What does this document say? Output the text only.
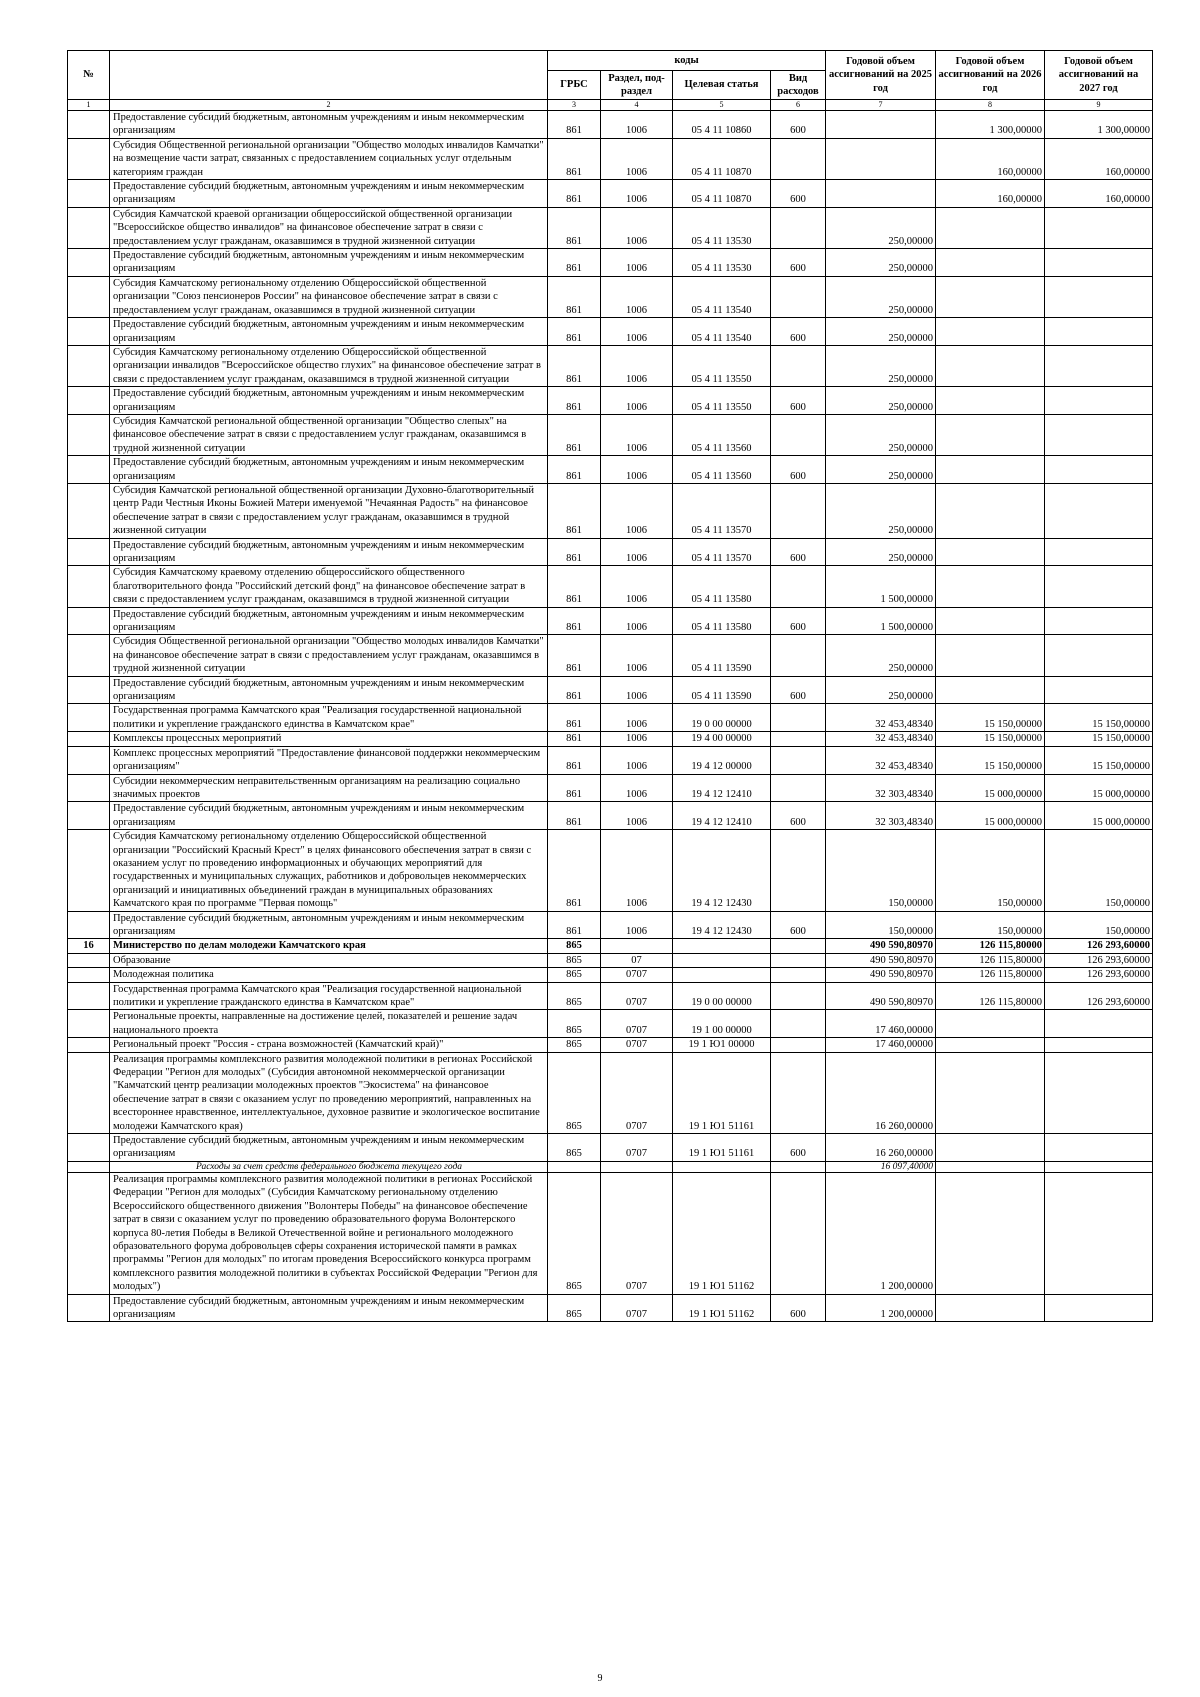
№		коды				Годовой объем ассигнований на 2025 год	Годовой объем ассигнований на 2026 год	Годовой объем ассигнований на 2027 год
		ГРБС	Раздел, под-раздел	Целевая статья	Вид расходов			
1	2	3	4	5	6	7	8	9
	Предоставление субсидий бюджетным, автономным учреждениям и иным некоммерческим организациям	861	1006	05 4 11 10860	600		1 300,00000	1 300,00000
	Субсидия Общественной региональной организации "Общество молодых инвалидов Камчатки" на возмещение части затрат, связанных с предоставлением социальных услуг отдельным категориям граждан	861	1006	05 4 11 10870			160,00000	160,00000
	Предоставление субсидий бюджетным, автономным учреждениям и иным некоммерческим организациям	861	1006	05 4 11 10870	600		160,00000	160,00000
	Субсидия Камчатской краевой организации общероссийской общественной организации "Всероссийское общество инвалидов" на финансовое обеспечение затрат в связи с предоставлением услуг гражданам, оказавшимся в трудной жизненной ситуации	861	1006	05 4 11 13530		250,00000		
	Предоставление субсидий бюджетным, автономным учреждениям и иным некоммерческим организациям	861	1006	05 4 11 13530	600	250,00000		
	Субсидия Камчатскому региональному отделению Общероссийской общественной организации "Союз пенсионеров России" на финансовое обеспечение затрат в связи с предоставлением услуг гражданам, оказавшимся в трудной жизненной ситуации	861	1006	05 4 11 13540		250,00000		
	Предоставление субсидий бюджетным, автономным учреждениям и иным некоммерческим организациям	861	1006	05 4 11 13540	600	250,00000		
	Субсидия Камчатскому региональному отделению Общероссийской общественной организации инвалидов "Всероссийское общество глухих" на финансовое обеспечение затрат в связи с предоставлением услуг гражданам, оказавшимся в трудной жизненной ситуации	861	1006	05 4 11 13550		250,00000		
	Предоставление субсидий бюджетным, автономным учреждениям и иным некоммерческим организациям	861	1006	05 4 11 13550	600	250,00000		
	Субсидия Камчатской региональной общественной организации "Общество слепых" на финансовое обеспечение затрат в связи с предоставлением услуг гражданам, оказавшимся в трудной жизненной ситуации	861	1006	05 4 11 13560		250,00000		
	Предоставление субсидий бюджетным, автономным учреждениям и иным некоммерческим организациям	861	1006	05 4 11 13560	600	250,00000		
	Субсидия Камчатской региональной общественной организации Духовно-благотворительный центр Ради Честныя Иконы Божией Матери именуемой "Нечаянная Радость" на финансовое обеспечение затрат в связи с предоставлением услуг гражданам, оказавшимся в трудной жизненной ситуации	861	1006	05 4 11 13570		250,00000		
	Предоставление субсидий бюджетным, автономным учреждениям и иным некоммерческим организациям	861	1006	05 4 11 13570	600	250,00000		
	Субсидия Камчатскому краевому отделению общероссийского общественного благотворительного фонда "Российский детский фонд" на финансовое обеспечение затрат в связи с предоставлением услуг гражданам, оказавшимся в трудной жизненной ситуации	861	1006	05 4 11 13580		1 500,00000		
	Предоставление субсидий бюджетным, автономным учреждениям и иным некоммерческим организациям	861	1006	05 4 11 13580	600	1 500,00000		
	Субсидия Общественной региональной организации "Общество молодых инвалидов Камчатки" на финансовое обеспечение затрат в связи с предоставлением услуг гражданам, оказавшимся в трудной жизненной ситуации	861	1006	05 4 11 13590		250,00000		
	Предоставление субсидий бюджетным, автономным учреждениям и иным некоммерческим организациям	861	1006	05 4 11 13590	600	250,00000		
	Государственная программа Камчатского края "Реализация государственной национальной политики и укрепление гражданского единства в Камчатском крае"	861	1006	19 0 00 00000		32 453,48340	15 150,00000	15 150,00000
	Комплексы процессных мероприятий	861	1006	19 4 00 00000		32 453,48340	15 150,00000	15 150,00000
	Комплекс процессных мероприятий "Предоставление финансовой поддержки некоммерческим организациям"	861	1006	19 4 12 00000		32 453,48340	15 150,00000	15 150,00000
	Субсидии некоммерческим неправительственным организациям на реализацию социально значимых проектов	861	1006	19 4 12 12410		32 303,48340	15 000,00000	15 000,00000
	Предоставление субсидий бюджетным, автономным учреждениям и иным некоммерческим организациям	861	1006	19 4 12 12410	600	32 303,48340	15 000,00000	15 000,00000
	Субсидия Камчатскому региональному отделению Общероссийской общественной организации "Российский Красный Крест" в целях финансового обеспечения затрат в связи с оказанием услуг по проведению информационных и обучающих мероприятий для государственных и муниципальных служащих, работников и добровольцев некоммерческих организаций и инициативных объединений граждан в муниципальных образованиях Камчатского края по программе "Первая помощь"	861	1006	19 4 12 12430		150,00000	150,00000	150,00000
	Предоставление субсидий бюджетным, автономным учреждениям и иным некоммерческим организациям	861	1006	19 4 12 12430	600	150,00000	150,00000	150,00000
16	Министерство по делам молодежи Камчатского края	865				490 590,80970	126 115,80000	126 293,60000
	Образование	865	07			490 590,80970	126 115,80000	126 293,60000
	Молодежная политика	865	0707			490 590,80970	126 115,80000	126 293,60000
	Государственная программа Камчатского края "Реализация государственной национальной политики и укрепление гражданского единства в Камчатском крае"	865	0707	19 0 00 00000		490 590,80970	126 115,80000	126 293,60000
	Региональные проекты, направленные на достижение целей, показателей и решение задач национального проекта	865	0707	19 1 00 00000		17 460,00000		
	Региональный проект "Россия - страна возможностей (Камчатский край)"	865	0707	19 1 Ю1 00000		17 460,00000		
	Реализация программы комплексного развития молодежной политики в регионах Российской Федерации "Регион для молодых" (Субсидия автономной некоммерческой организации "Камчатский центр реализации молодежных проектов "Экосистема" на финансовое обеспечение затрат в связи с оказанием услуг по проведению мероприятий, направленных на всестороннее нравственное, интеллектуальное, духовное развитие и экологическое воспитание молодежи Камчатского края)	865	0707	19 1 Ю1 51161		16 260,00000		
	Предоставление субсидий бюджетным, автономным учреждениям и иным некоммерческим организациям	865	0707	19 1 Ю1 51161	600	16 260,00000		
	Расходы за счет средств федерального бюджета текущего года					16 097,40000		
	Реализация программы комплексного развития молодежной политики в регионах Российской Федерации "Регион для молодых" (Субсидия Камчатскому региональному отделению Всероссийского общественного движения "Волонтеры Победы" на финансовое обеспечение затрат в связи с оказанием услуг по проведению образовательного форума Волонтерского корпуса 80-летия Победы в Великой Отечественной войне и регионального молодежного образовательного форума добровольцев сферы сохранения исторической памяти в рамках программы "Регион для молодых" по итогам проведения Всероссийского конкурса программ комплексного развития молодежной политики в субъектах Российской Федерации "Регион для молодых")	865	0707	19 1 Ю1 51162		1 200,00000		
	Предоставление субсидий бюджетным, автономным учреждениям и иным некоммерческим организациям	865	0707	19 1 Ю1 51162	600	1 200,00000		
9
